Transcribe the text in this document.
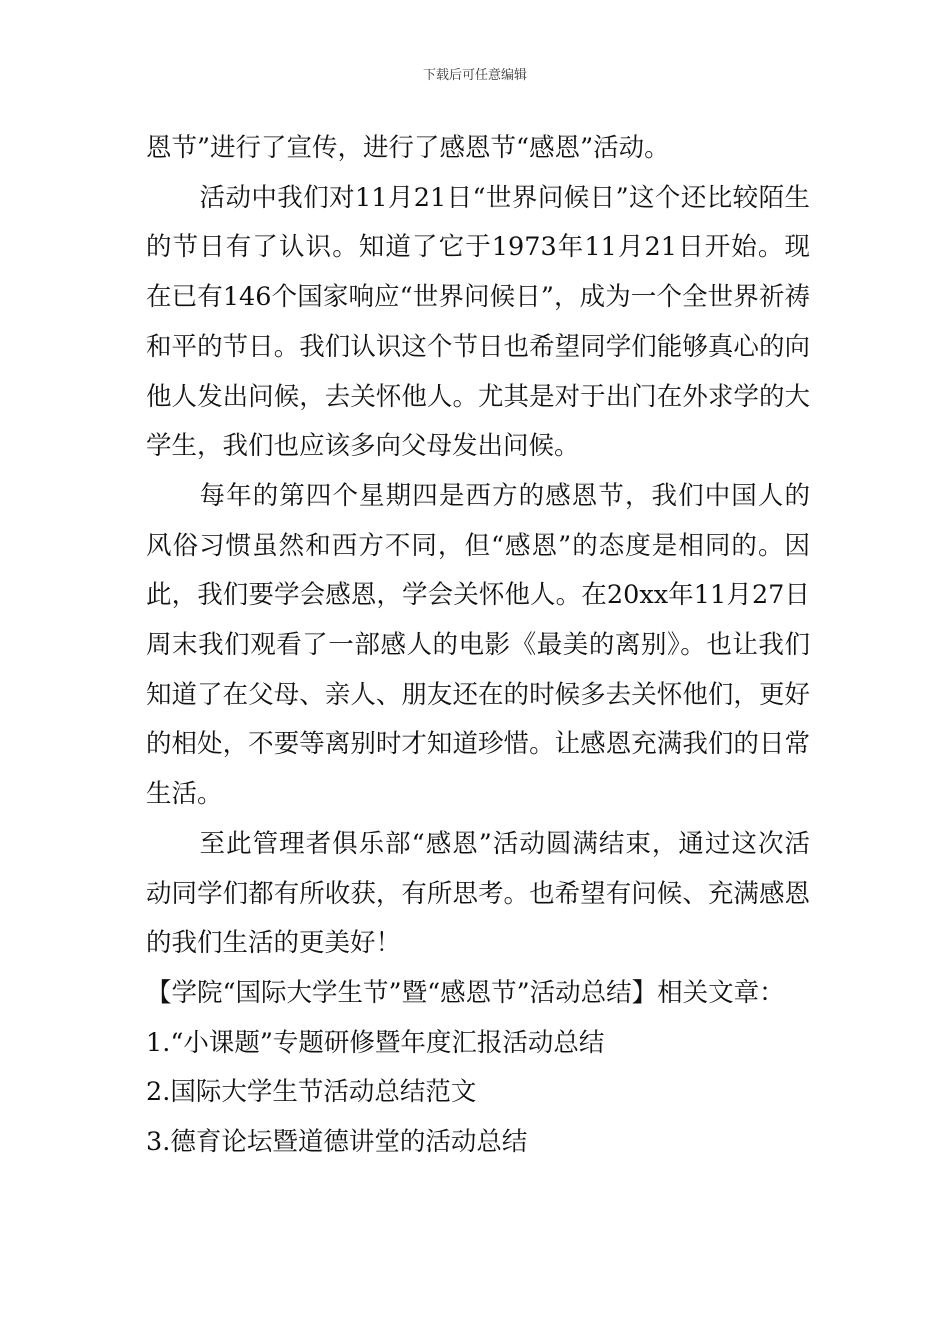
下载后可任意编辑

恩节”进行了宣传，进行了感恩节“感恩”活动。

活动中我们对11月21日“世界问候日”这个还比较陌生的节日有了认识。知道了它于1973年11月21日开始。现在已有146个国家响应“世界问候日”，成为一个全世界祈祷和平的节日。我们认识这个节日也希望同学们能够真心的向他人发出问候，去关怀他人。尤其是对于出门在外求学的大学生，我们也应该多向父母发出问候。

每年的第四个星期四是西方的感恩节，我们中国人的风俗习惯虽然和西方不同，但“感恩”的态度是相同的。因此，我们要学会感恩，学会关怀他人。在20xx年11月27日周末我们观看了一部感人的电影《最美的离别》。也让我们知道了在父母、亲人、朋友还在的时候多去关怀他们，更好的相处，不要等离别时才知道珍惜。让感恩充满我们的日常生活。

至此管理者俱乐部“感恩”活动圆满结束，通过这次活动同学们都有所收获，有所思考。也希望有问候、充满感恩的我们生活的更美好！

【学院“国际大学生节”暨“感恩节”活动总结】相关文章：

1.“小课题”专题研修暨年度汇报活动总结

2.国际大学生节活动总结范文

3.德育论坛暨道德讲堂的活动总结
